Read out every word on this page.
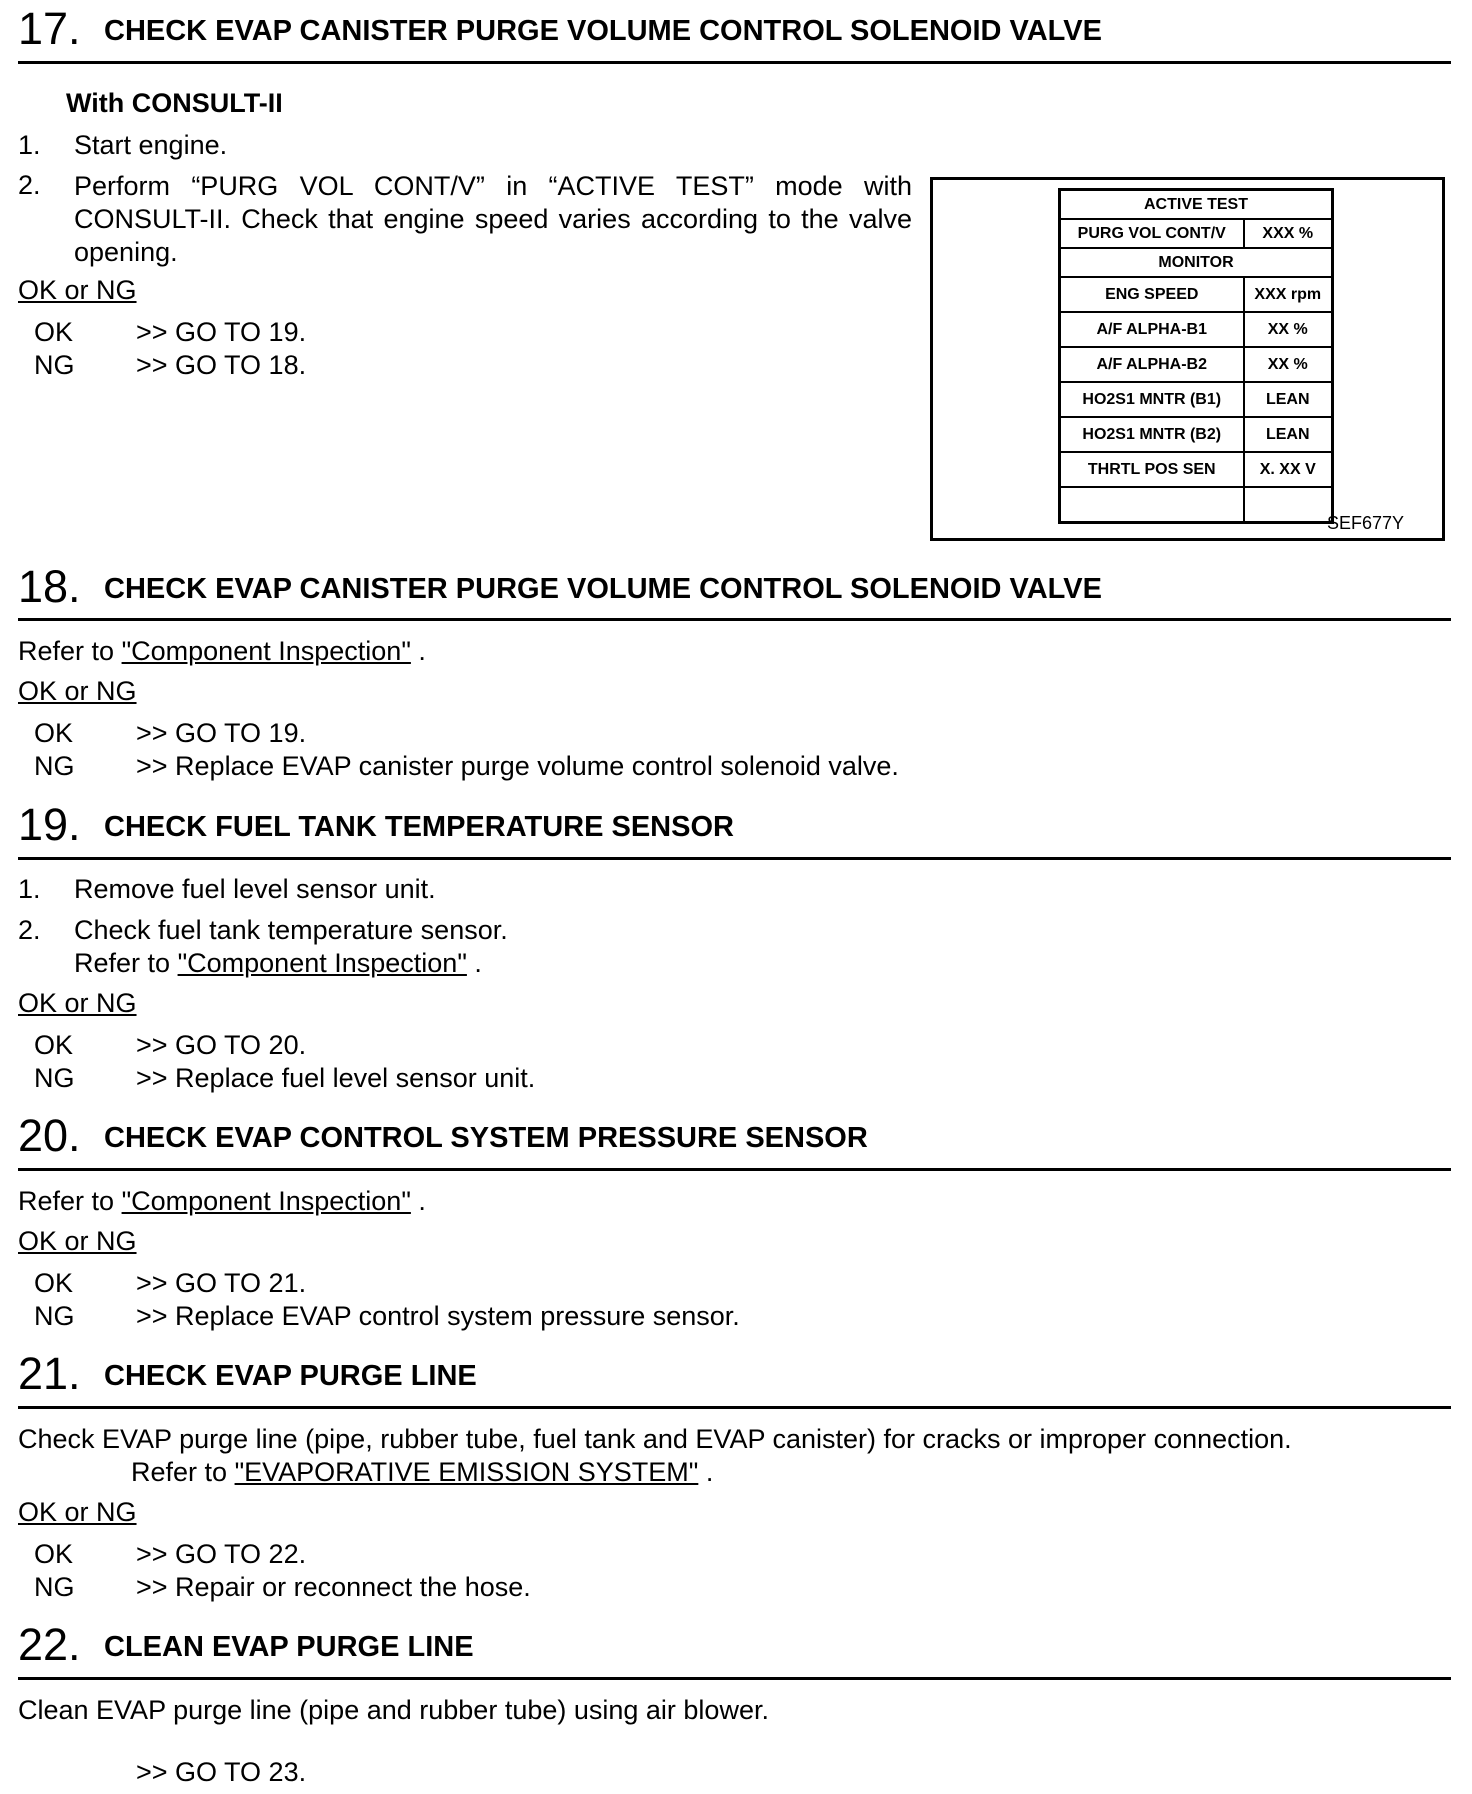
17. CHECK EVAP CANISTER PURGE VOLUME CONTROL SOLENOID VALVE
With CONSULT-II
1. Start engine.
2. Perform “PURG VOL CONT/V” in “ACTIVE TEST” mode with CONSULT-II. Check that engine speed varies according to the valve opening.
OK or NG
OK >> GO TO 19.
NG >> GO TO 18.
ACTIVE TEST	
PURG VOL CONT/V	XXX %
MONITOR	
ENG SPEED	XXX rpm
A/F ALPHA-B1	XX %
A/F ALPHA-B2	XX %
HO2S1 MNTR (B1)	LEAN
HO2S1 MNTR (B2)	LEAN
THRTL POS SEN	X. XX V

SEF677Y
18. CHECK EVAP CANISTER PURGE VOLUME CONTROL SOLENOID VALVE
Refer to "Component Inspection" .
OK or NG
OK >> GO TO 19.
NG >> Replace EVAP canister purge volume control solenoid valve.
19. CHECK FUEL TANK TEMPERATURE SENSOR
1. Remove fuel level sensor unit.
2. Check fuel tank temperature sensor.
Refer to "Component Inspection" .
OK or NG
OK >> GO TO 20.
NG >> Replace fuel level sensor unit.
20. CHECK EVAP CONTROL SYSTEM PRESSURE SENSOR
Refer to "Component Inspection" .
OK or NG
OK >> GO TO 21.
NG >> Replace EVAP control system pressure sensor.
21. CHECK EVAP PURGE LINE
Check EVAP purge line (pipe, rubber tube, fuel tank and EVAP canister) for cracks or improper connection.
Refer to "EVAPORATIVE EMISSION SYSTEM" .
OK or NG
OK >> GO TO 22.
NG >> Repair or reconnect the hose.
22. CLEAN EVAP PURGE LINE
Clean EVAP purge line (pipe and rubber tube) using air blower.
>> GO TO 23.
